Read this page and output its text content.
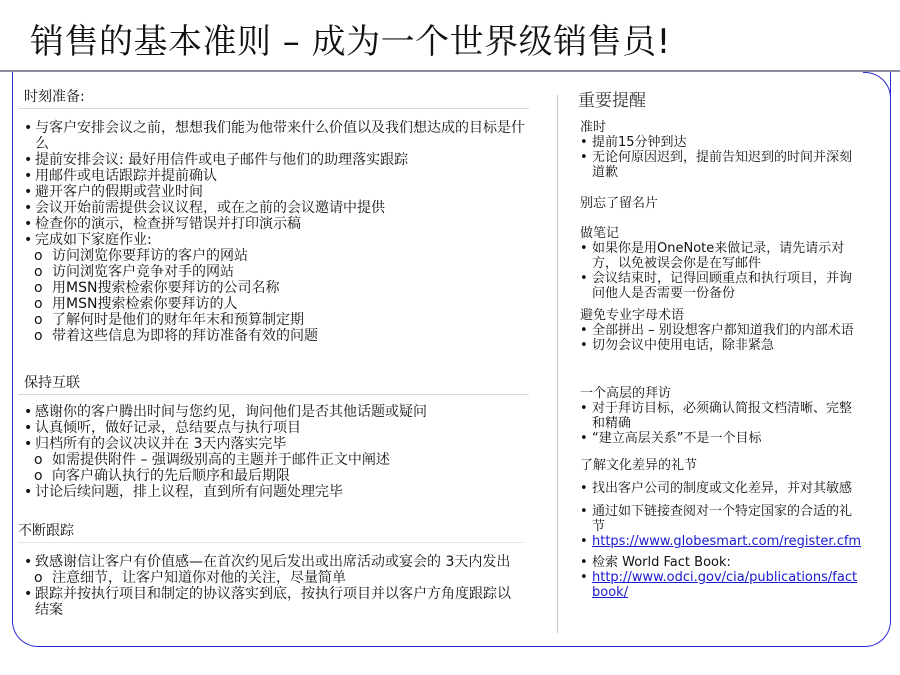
销售的基本准则 – 成为一个世界级销售员!
时刻准备:
• 与客户安排会议之前，想想我们能为他带来什么价值以及我们想达成的目标是什么
• 提前安排会议: 最好用信件或电子邮件与他们的助理落实跟踪
• 用邮件或电话跟踪并提前确认
• 避开客户的假期或营业时间
• 会议开始前需提供会议议程，或在之前的会议邀请中提供
• 检查你的演示，检查拼写错误并打印演示稿
• 完成如下家庭作业:
o 访问浏览你要拜访的客户的网站
o 访问浏览客户竞争对手的网站
o 用MSN搜索检索你要拜访的公司名称
o 用MSN搜索检索你要拜访的人
o 了解何时是他们的财年年末和预算制定期
o 带着这些信息为即将的拜访准备有效的问题
保持互联
• 感谢你的客户腾出时间与您约见，询问他们是否其他话题或疑问
• 认真倾听，做好记录，总结要点与执行项目
• 归档所有的会议决议并在 3天内落实完毕
o 如需提供附件 – 强调级别高的主题并于邮件正文中阐述
o 向客户确认执行的先后顺序和最后期限
• 讨论后续问题，排上议程，直到所有问题处理完毕
不断跟踪
• 致感谢信让客户有价值感—在首次约见后发出或出席活动或宴会的 3天内发出
o 注意细节，让客户知道你对他的关注，尽量简单
• 跟踪并按执行项目和制定的协议落实到底，按执行项目并以客户方角度跟踪以结案
重要提醒
准时
• 提前15分钟到达
• 无论何原因迟到，提前告知迟到的时间并深刻道歉
别忘了留名片
做笔记
• 如果你是用OneNote来做记录，请先请示对方，以免被误会你是在写邮件
• 会议结束时，记得回顾重点和执行项目，并询问他人是否需要一份备份
避免专业字母术语
• 全部拼出 – 别设想客户都知道我们的内部术语
• 切勿会议中使用电话，除非紧急
一个高层的拜访
• 对于拜访目标，必须确认简报文档清晰、完整和精确
• “建立高层关系”不是一个目标
了解文化差异的礼节
• 找出客户公司的制度或文化差异，并对其敏感
• 通过如下链接查阅对一个特定国家的合适的礼节
• https://www.globesmart.com/register.cfm
• 检索 World Fact Book:
• http://www.odci.gov/cia/publications/factbook/
